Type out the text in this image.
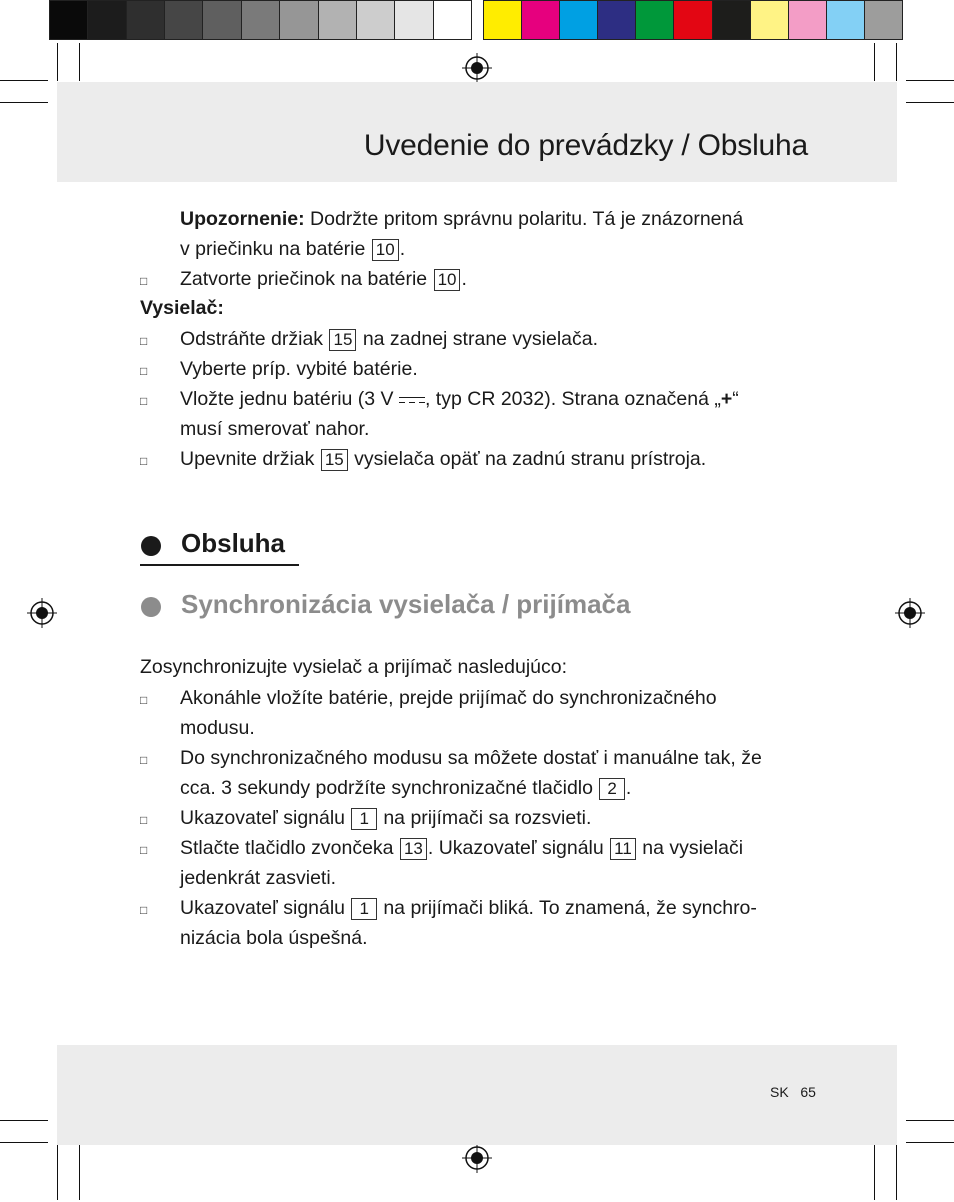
Uvedenie do prevádzky / Obsluha
Upozornenie: Dodržte pritom správnu polaritu. Tá je znázornená
v priečinku na batérie 10 .
□ Zatvorte priečinok na batérie 10 .
Vysielač:
□ Odstráňte držiak 15 na zadnej strane vysielača.
□ Vyberte príp. vybité batérie.
□ Vložte jednu batériu (3 V
, typ CR 2032). Strana označená „+“
musí smerovať nahor.
□ Upevnite držiak 15 vysielača opäť na zadnú stranu prístroja.
Obsluha
Synchronizácia vysielača / prijímača
Zosynchronizujte vysielač a prijímač nasledujúco:
□ Akonáhle vložíte batérie, prejde prijímač do synchronizačného
modusu.
□ Do synchronizačného modusu sa môžete dostať i manuálne tak, že
cca. 3 sekundy podržíte synchronizačné tlačidlo 2 .
□ Ukazovateľ signálu 1 na prijímači sa rozsvieti.
□ Stlačte tlačidlo zvončeka 13 . Ukazovateľ signálu 11 na vysielači
jedenkrát zasvieti.
□ Ukazovateľ signálu 1 na prijímači bliká. To znamená, že synchro-
nizácia bola úspešná.
SK 65
